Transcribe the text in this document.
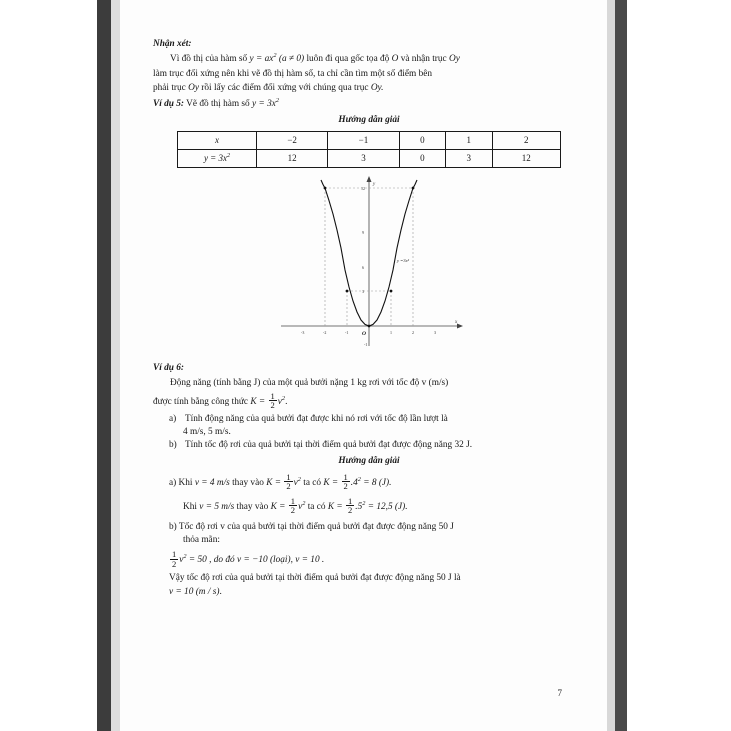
Nhận xét:
Vì đồ thị của hàm số $y = ax^2$ (a ≠ 0) luôn đi qua gốc tọa độ O và nhận trục Oy
làm trục đối xứng nên khi vẽ đồ thị hàm số, ta chỉ cần tìm một số điểm bên
phải trục Oy rồi lấy các điểm đối xứng với chúng qua trục Oy.
Ví dụ 5: Vẽ đồ thị hàm số $y = 3x^2$
Hướng dẫn giải
x	−2	−1	0	1	2
$y = 3x^2$	12	3	0	3	12
y
x
12
3
6
9
-3	-2	-1	1	2	3
O
-1
y =3x²
Ví dụ 6:
Động năng (tính bằng J) của một quả bưởi nặng 1 kg rơi với tốc độ v (m/s)
được tính bằng công thức $K = \frac{1}{2} v^2$.
a) Tính động năng của quả bưởi đạt được khi nó rơi với tốc độ lần lượt là
4 m/s, 5 m/s.
b) Tính tốc độ rơi của quả bưởi tại thời điểm quả bưởi đạt được động năng 32 J.
Hướng dẫn giải
a) Khi v = 4 m/s thay vào $K = \frac{1}{2} v^2$ ta có $K = \frac{1}{2} .4^2 = 8$ (J).
Khi v = 5 m/s thay vào $K = \frac{1}{2} v^2$ ta có $K = \frac{1}{2} .5^2 = 12,5$ (J).
b) Tốc độ rơi v của quả bưởi tại thời điểm quả bưởi đạt được động năng 50 J
thỏa mãn:
$\frac{1}{2} v^2 = 50$ , do đó v = −10 (loại), v = 10 .
Vậy tốc độ rơi của quả bưởi tại thời điểm quả bưởi đạt được động năng 50 J là
v = 10 (m / s).
7
